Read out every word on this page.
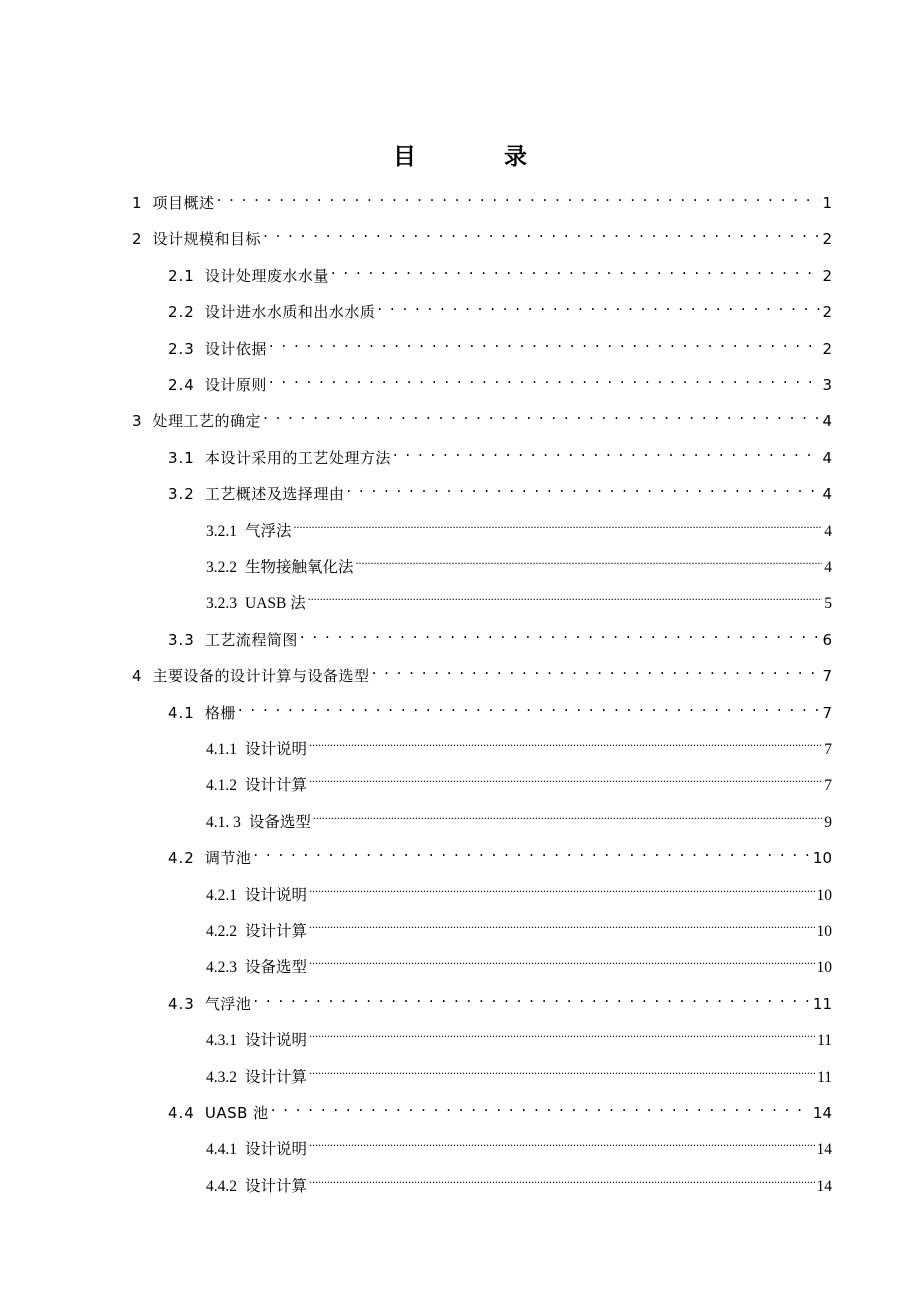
目	录
1 项目概述 . . .	1
2 设计规模和目标 . . .	2
2.1 设计处理废水水量 . . .	2
2.2 设计进水水质和出水水质 . . .	2
2.3 设计依据 . . .	2
2.4 设计原则 . . .	3
3 处理工艺的确定 . . .	4
3.1 本设计采用的工艺处理方法 . . .	4
3.2 工艺概述及选择理由 . . .	4
3.2.1 气浮法 .....	4
3.2.2 生物接触氧化法 .....	4
3.2.3 UASB 法 .....	5
3.3 工艺流程简图 . . .	6
4 主要设备的设计计算与设备选型 . . .	7
4.1 格栅 . . .	7
4.1.1 设计说明 .....	7
4.1.2 设计计算 .....	7
4.1. 3 设备选型 .....	9
4.2 调节池 . . .	10
4.2.1 设计说明 .....	10
4.2.2 设计计算 .....	10
4.2.3 设备选型 .....	10
4.3 气浮池 . . .	11
4.3.1 设计说明 .....	11
4.3.2 设计计算 .....	11
4.4 UASB 池 . . .	14
4.4.1 设计说明 .....	14
4.4.2 设计计算 .....	14
